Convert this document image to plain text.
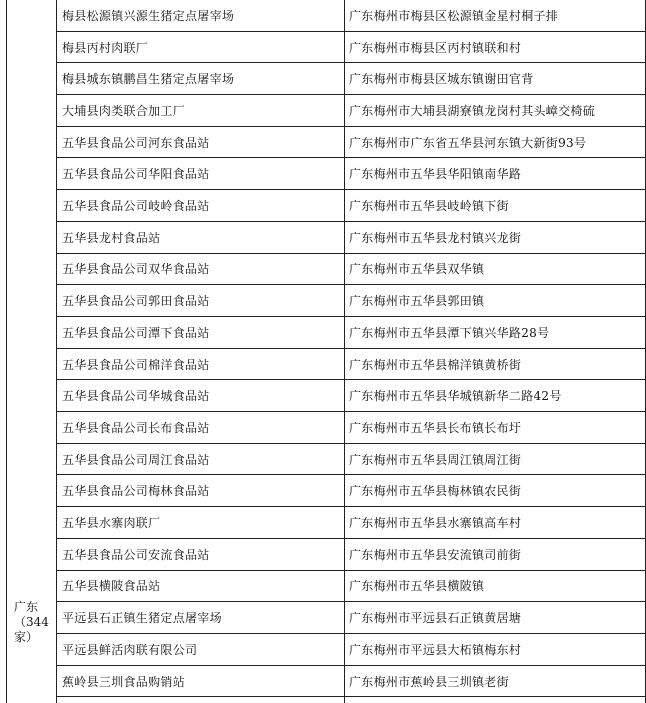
广东
（344
家）
梅县松源镇兴源生猪定点屠宰场	广东梅州市梅县区松源镇金星村桐子排
梅县丙村肉联厂	广东梅州市梅县区丙村镇联和村
梅县城东镇鹏昌生猪定点屠宰场	广东梅州市梅县区城东镇谢田官背
大埔县肉类联合加工厂	广东梅州市大埔县湖寮镇龙岗村其头嶂交椅硫
五华县食品公司河东食品站	广东梅州市广东省五华县河东镇大新街93号
五华县食品公司华阳食品站	广东梅州市五华县华阳镇南华路
五华县食品公司岐岭食品站	广东梅州市五华县岐岭镇下街
五华县龙村食品站	广东梅州市五华县龙村镇兴龙街
五华县食品公司双华食品站	广东梅州市五华县双华镇
五华县食品公司郭田食品站	广东梅州市五华县郭田镇
五华县食品公司潭下食品站	广东梅州市五华县潭下镇兴华路28号
五华县食品公司棉洋食品站	广东梅州市五华县棉洋镇黄桥街
五华县食品公司华城食品站	广东梅州市五华县华城镇新华二路42号
五华县食品公司长布食品站	广东梅州市五华县长布镇长布圩
五华县食品公司周江食品站	广东梅州市五华县周江镇周江街
五华县食品公司梅林食品站	广东梅州市五华县梅林镇农民街
五华县水寨肉联厂	广东梅州市五华县水寨镇高车村
五华县食品公司安流食品站	广东梅州市五华县安流镇司前街
五华县横陂食品站	广东梅州市五华县横陂镇
平远县石正镇生猪定点屠宰场	广东梅州市平远县石正镇黄居塘
平远县鲜活肉联有限公司	广东梅州市平远县大柘镇梅东村
蕉岭县三圳食品购销站	广东梅州市蕉岭县三圳镇老街
